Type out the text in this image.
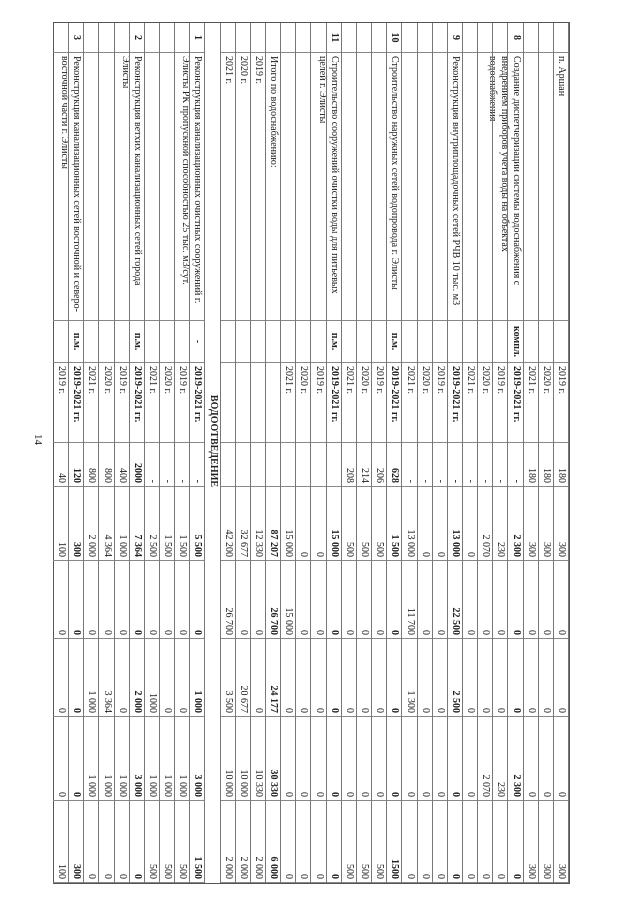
п. Аршан
2019 г.
180
300
0
0
0
300
2020 г.
180
300
0
0
0
300
2021 г.
180
300
0
0
0
300
8
Создание диспетчеризации системы водоснабжения с внедрением приборов учета воды на объектах водоснабжения
компл.
2019-2021 гг.
-
2 300
0
0
2 300
0
2019 г.
-
230
0
0
230
0
2020 г.
-
2 070
0
0
2 070
0
2021 г.
-
0
0
0
0
0
9
Реконструкция внутриплощадочных сетей РЧВ 10 тыс. м3
2019-2021 гг.
-
13 000
22 500
2 500
0
0
2019 г.
-
0
0
0
0
0
2020 г.
-
0
0
0
0
0
2021 г.
-
13 000
11 700
1 300
0
0
10
Строительство наружных сетей водопровода г. Элисты
п.м.
2019-2021 гг.
628
1 500
0
0
0
1500
2019 г.
206
500
0
0
0
500
2020 г.
214
500
0
0
0
500
2021 г.
208
500
0
0
0
500
11
Строительство сооружений очистки воды для питьевых целей г. Элисты
п.м.
2019-2021 гг.
15 000
0
0
0
0
2019 г.
0
0
0
0
0
2020 г.
0
0
0
0
0
2021 г.
15 000
15 000
0
0
0
Итого по водоснабжению:
87 207
26 700
24 177
30 330
6 000
2019 г.
12 330
0
0
10 330
2 000
2020 г.
32 677
0
20 677
10 000
2 000
2021 г.
42 200
26 700
3 500
10 000
2 000
ВОДООТВЕДЕНИЕ
1
Реконструкция канализационных очистных сооружений г. Элисты РК пропускной способностью 25 тыс. м3/сут.
-
2019-2021 гг.
-
5 500
0
1 000
3 000
1 500
2019 г.
-
1 500
0
0
1 000
500
2020 г.
-
1 500
0
0
1 000
500
2021 г.
-
2 500
0
1000
1 000
500
2
Реконструкция ветхих канализационных сетей города Элисты
п.м.
2019-2021 гг.
2000
7 364
0
2 000
3 000
0
2019 г.
400
1 000
0
0
1 000
0
2020 г.
800
4 364
0
3 364
1 000
0
2021 г.
800
2 000
0
1 000
1 000
0
3
Реконструкция канализационных сетей восточной и северо-восточной части г. Элисты
п.м.
2019-2021 гг.
120
300
0
0
0
300
2019 г.
40
100
0
0
0
100
14
